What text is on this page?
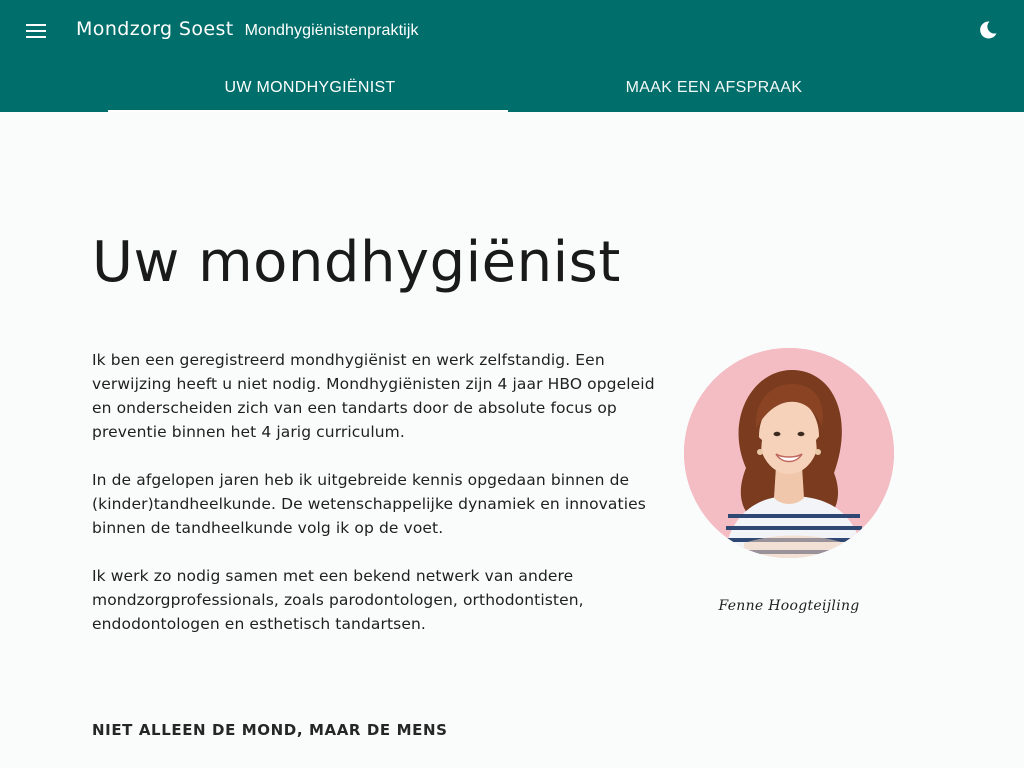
Mondzorg Soest Mondhygiënistenpraktijk
UW MONDHYGIËNIST	MAAK EEN AFSPRAAK
Uw mondhygiënist

Ik ben een geregistreerd mondhygiënist en werk zelfstandig. Een verwijzing heeft u niet nodig. Mondhygiënisten zijn 4 jaar HBO opgeleid en onderscheiden zich van een tandarts door de absolute focus op preventie binnen het 4 jarig curriculum.

In de afgelopen jaren heb ik uitgebreide kennis opgedaan binnen de (kinder)tandheelkunde. De wetenschappelijke dynamiek en innovaties binnen de tandheelkunde volg ik op de voet.

Ik werk zo nodig samen met een bekend netwerk van andere mondzorgprofessionals, zoals parodontologen, orthodontisten, endodontologen en esthetisch tandartsen.

Fenne Hoogteijling
NIET ALLEEN DE MOND, MAAR DE MENS
